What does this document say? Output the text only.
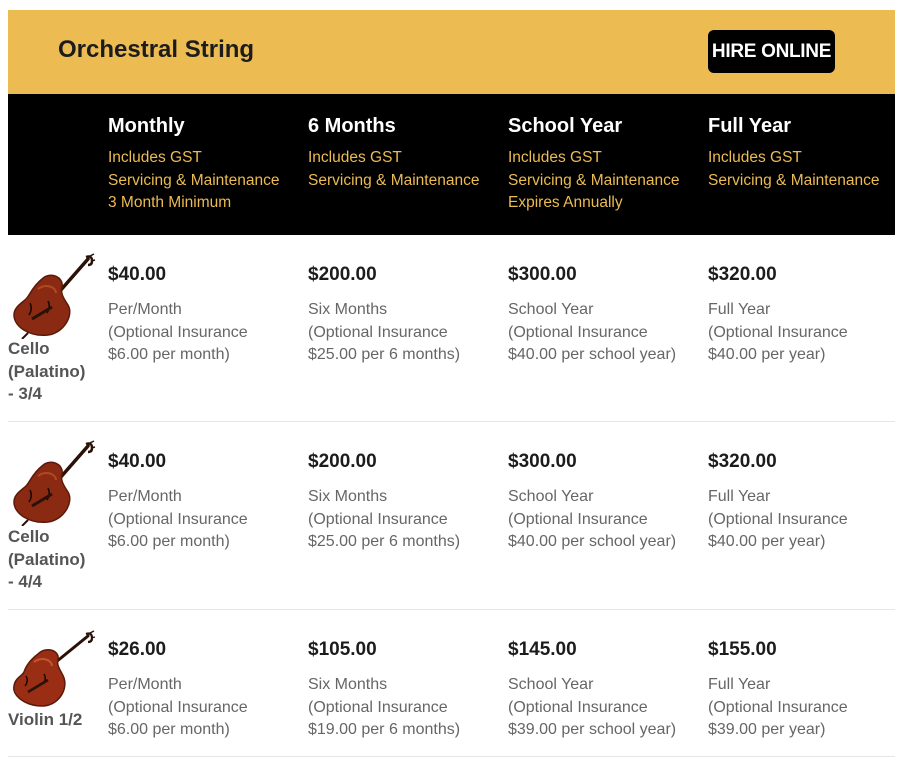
Orchestral String	HIRE ONLINE
Monthly
Includes GST
Servicing & Maintenance
3 Month Minimum
6 Months
Includes GST
Servicing & Maintenance
School Year
Includes GST
Servicing & Maintenance
Expires Annually
Full Year
Includes GST
Servicing & Maintenance
Cello
(Palatino)
- 3/4
$40.00
Per/Month
(Optional Insurance
$6.00 per month)
$200.00
Six Months
(Optional Insurance
$25.00 per 6 months)
$300.00
School Year
(Optional Insurance
$40.00 per school year)
$320.00
Full Year
(Optional Insurance
$40.00 per year)
Cello
(Palatino)
- 4/4
$40.00
Per/Month
(Optional Insurance
$6.00 per month)
$200.00
Six Months
(Optional Insurance
$25.00 per 6 months)
$300.00
School Year
(Optional Insurance
$40.00 per school year)
$320.00
Full Year
(Optional Insurance
$40.00 per year)
Violin 1/2
$26.00
Per/Month
(Optional Insurance
$6.00 per month)
$105.00
Six Months
(Optional Insurance
$19.00 per 6 months)
$145.00
School Year
(Optional Insurance
$39.00 per school year)
$155.00
Full Year
(Optional Insurance
$39.00 per year)
